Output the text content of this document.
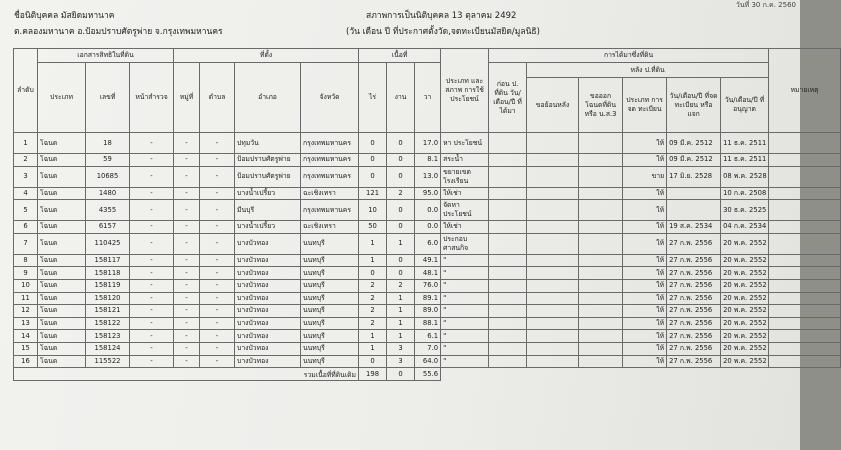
ชื่อนิติบุคคล มัสยิดมหานาค
ต.คลองมหานาค อ.ป้อมปราบศัตรูพ่าย จ.กรุงเทพมหานคร
สภาพการเป็นนิติบุคคล 13 ตุลาคม 2492
(วัน เดือน ปี ที่ประกาศตั้งวัด,จดทะเบียนมัสยิด/มูลนิธิ)
วันที่ 30 ก.ค. 2560
ลำดับ	เอกสารสิทธิในที่ดิน			ที่ตั้ง				เนื้อที่			ประเภท และสภาพ การใช้ ประโยชน์	การได้มาซึ่งที่ดิน						หมายเหตุ
	ประเภท	เลขที่	หน้าสำรวจ	หมู่ที่	ตำบล	อำเภอ	จังหวัด	ไร่	งาน	วา		ก่อน ป. ที่ดิน วัน/ เดือน/ปี ที่ ได้มา	หลัง ป.ที่ดิน					
													ขอย้อนหลัง	ขอออก โฉนดที่ดิน หรือ น.ส.3	ประเภท การจด ทะเบียน	วัน/เดือน/ปี ที่จดทะเบียน หรือแจก	วัน/เดือน/ปี ที่อนุญาต	
1	โฉนด	18	-	-	-	ปทุมวัน	กรุงเทพมหานคร	0	0	17.0	หา ประโยชน์				ให้	09 มี.ค. 2512	11 ธ.ค. 2511	
2	โฉนด	59	-	-	-	ป้อมปราบศัตรูพ่าย	กรุงเทพมหานคร	0	0	8.1	สระน้ำ				ให้	09 มี.ค. 2512	11 ธ.ค. 2511	
3	โฉนด	10685	-	-	-	ป้อมปราบศัตรูพ่าย	กรุงเทพมหานคร	0	0	13.0	ขยายเขต โรงเรียน				ขาย	17 มิ.ย. 2528	08 พ.ค. 2528	
4	โฉนด	1480	-	-	-	บางน้ำเปรี้ยว	ฉะเชิงเทรา	121	2	95.0	ให้เช่า				ให้		10 ก.ค. 2508	
5	โฉนด	4355	-	-	-	มีนบุรี	กรุงเทพมหานคร	10	0	0.0	จัดหา ประโยชน์				ให้		30 ธ.ค. 2525	
6	โฉนด	6157	-	-	-	บางน้ำเปรี้ยว	ฉะเชิงเทรา	50	0	0.0	ให้เช่า				ให้	19 ส.ค. 2534	04 ก.ค. 2534	
7	โฉนด	110425	-	-	-	บางบัวทอง	นนทบุรี	1	1	6.0	ประกอบ ศาสนกิจ				ให้	27 ก.พ. 2556	20 พ.ค. 2552	
8	โฉนด	158117	-	-	-	บางบัวทอง	นนทบุรี	1	0	49.1	"				ให้	27 ก.พ. 2556	20 พ.ค. 2552	
9	โฉนด	158118	-	-	-	บางบัวทอง	นนทบุรี	0	0	48.1	"				ให้	27 ก.พ. 2556	20 พ.ค. 2552	
10	โฉนด	158119	-	-	-	บางบัวทอง	นนทบุรี	2	2	76.0	"				ให้	27 ก.พ. 2556	20 พ.ค. 2552	
11	โฉนด	158120	-	-	-	บางบัวทอง	นนทบุรี	2	1	89.1	"				ให้	27 ก.พ. 2556	20 พ.ค. 2552	
12	โฉนด	158121	-	-	-	บางบัวทอง	นนทบุรี	2	1	89.0	"				ให้	27 ก.พ. 2556	20 พ.ค. 2552	
13	โฉนด	158122	-	-	-	บางบัวทอง	นนทบุรี	2	1	88.1	"				ให้	27 ก.พ. 2556	20 พ.ค. 2552	
14	โฉนด	158123	-	-	-	บางบัวทอง	นนทบุรี	1	1	6.1	"				ให้	27 ก.พ. 2556	20 พ.ค. 2552	
15	โฉนด	158124	-	-	-	บางบัวทอง	นนทบุรี	1	3	7.0	"				ให้	27 ก.พ. 2556	20 พ.ค. 2552	
16	โฉนด	115522	-	-	-	บางบัวทอง	นนทบุรี	0	3	64.0	"				ให้	27 ก.พ. 2556	20 พ.ค. 2552	
รวมเนื้อที่ที่ดินเดิม								198	0	55.6								
